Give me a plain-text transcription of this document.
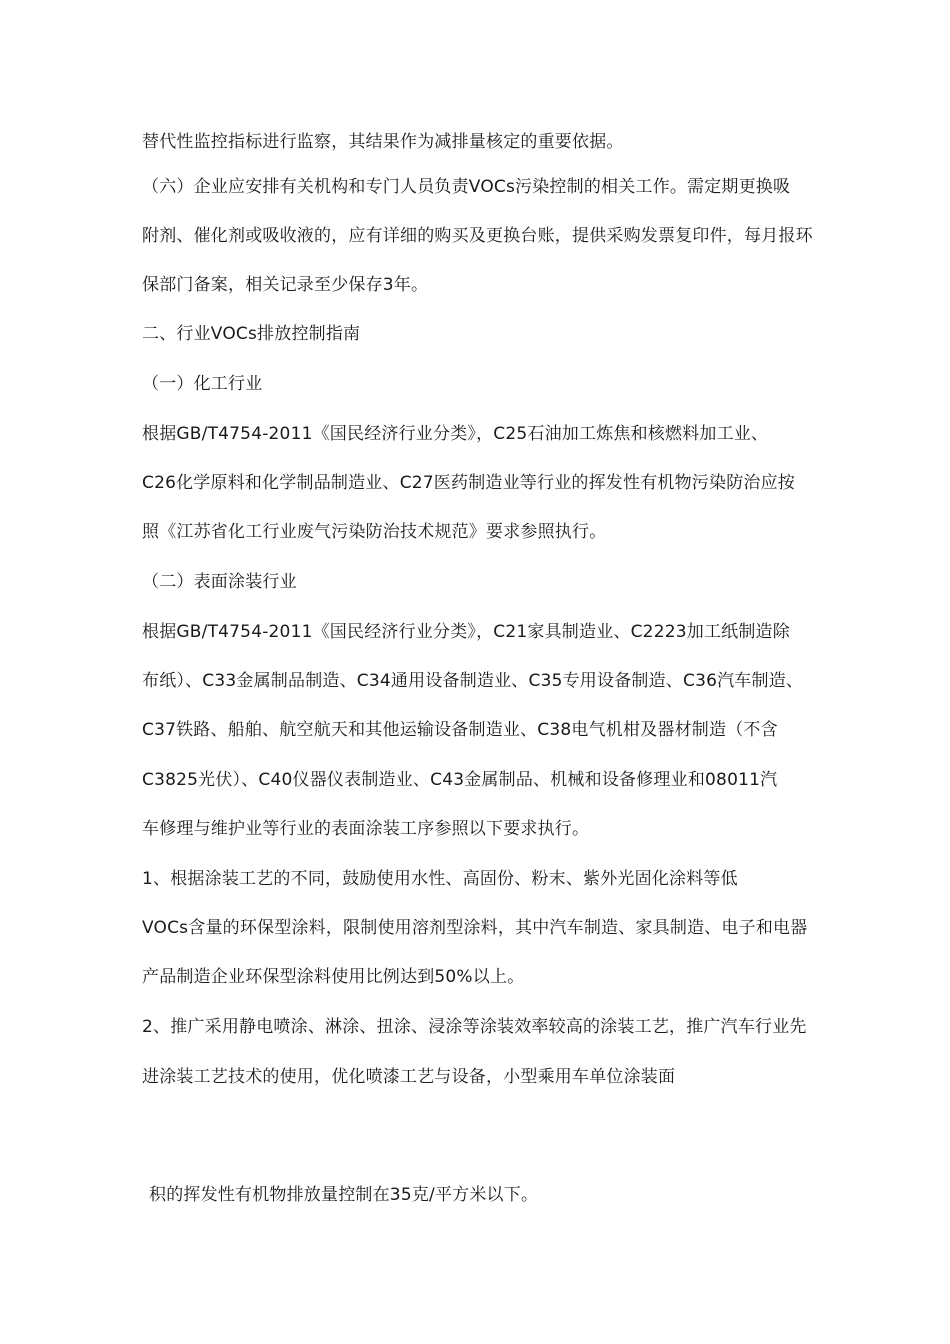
替代性监控指标进行监察，其结果作为减排量核定的重要依据。
（六）企业应安排有关机构和专门人员负责VOCs污染控制的相关工作。需定期更换吸
附剂、催化剂或吸收液的，应有详细的购买及更换台账，提供采购发票复印件，每月报环
保部门备案，相关记录至少保存3年。
二、行业VOCs排放控制指南
（一）化工行业
根据GB/T4754-2011《国民经济行业分类》，C25石油加工炼焦和核燃料加工业、
C26化学原料和化学制品制造业、C27医药制造业等行业的挥发性有机物污染防治应按
照《江苏省化工行业废气污染防治技术规范》要求参照执行。
（二）表面涂装行业
根据GB/T4754-2011《国民经济行业分类》，C21家具制造业、C2223加工纸制造除
布纸）、C33金属制品制造、C34通用设备制造业、C35专用设备制造、C36汽车制造、
C37铁路、船舶、航空航天和其他运输设备制造业、C38电气机柑及器材制造（不含
C3825光伏）、C40仪器仪表制造业、C43金属制品、机械和设备修理业和08011汽
车修理与维护业等行业的表面涂装工序参照以下要求执行。
1、根据涂装工艺的不同，鼓励使用水性、高固份、粉末、紫外光固化涂料等低
VOCs含量的环保型涂料，限制使用溶剂型涂料，其中汽车制造、家具制造、电子和电器
产品制造企业环保型涂料使用比例达到50%以上。
2、推广采用静电喷涂、淋涂、扭涂、浸涂等涂装效率较高的涂装工艺，推广汽车行业先
进涂装工艺技术的使用，优化喷漆工艺与设备，小型乘用车单位涂装面
积的挥发性有机物排放量控制在35克/平方米以下。
